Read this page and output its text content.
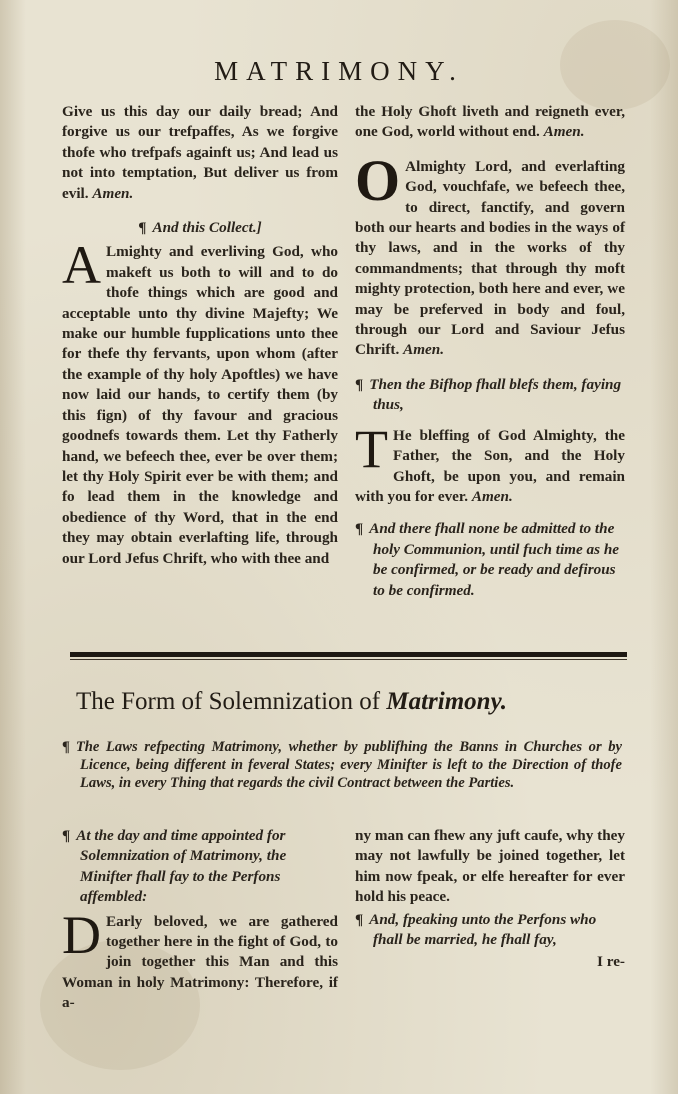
MATRIMONY.

Give us this day our daily bread; And forgive us our trefpaffes, As we forgive thofe who trefpafs againft us; And lead us not into temptation, But deliver us from evil. Amen.

¶ And this Collect.]

A Lmighty and everliving God, who makeft us both to will and to do thofe things which are good and acceptable unto thy divine Majefty; We make our humble fupplications unto thee for thefe thy fervants, upon whom (after the example of thy holy Apoftles) we have now laid our hands, to certify them (by this fign) of thy favour and gracious goodnefs towards them. Let thy Fatherly hand, we befeech thee, ever be over them; let thy Holy Spirit ever be with them; and fo lead them in the knowledge and obedience of thy Word, that in the end they may obtain everlafting life, through our Lord Jefus Chrift, who with thee and

the Holy Ghoft liveth and reigneth ever, one God, world without end. Amen.

O Almighty Lord, and everlafting God, vouchfafe, we befeech thee, to direct, fanctify, and govern both our hearts and bodies in the ways of thy laws, and in the works of thy commandments; that through thy moft mighty protection, both here and ever, we may be preferved in body and foul, through our Lord and Saviour Jefus Chrift. Amen.

¶ Then the Bifhop fhall blefs them, faying thus,

T He bleffing of God Almighty, the Father, the Son, and the Holy Ghoft, be upon you, and remain with you for ever. Amen.

¶ And there fhall none be admitted to the holy Communion, until fuch time as he be confirmed, or be ready and defirous to be confirmed.

The Form of Solemnization of Matrimony.

¶ The Laws refpecting Matrimony, whether by publifhing the Banns in Churches or by Licence, being different in feveral States; every Minifter is left to the Direction of thofe Laws, in every Thing that regards the civil Contract between the Parties.

¶ At the day and time appointed for Solemnization of Matrimony, the Minifter fhall fay to the Perfons affembled:

D Early beloved, we are gathered together here in the fight of God, to join together this Man and this Woman in holy Matrimony: Therefore, if a-

ny man can fhew any juft caufe, why they may not lawfully be joined together, let him now fpeak, or elfe hereafter for ever hold his peace.

¶ And, fpeaking unto the Perfons who fhall be married, he fhall fay,

I re-
